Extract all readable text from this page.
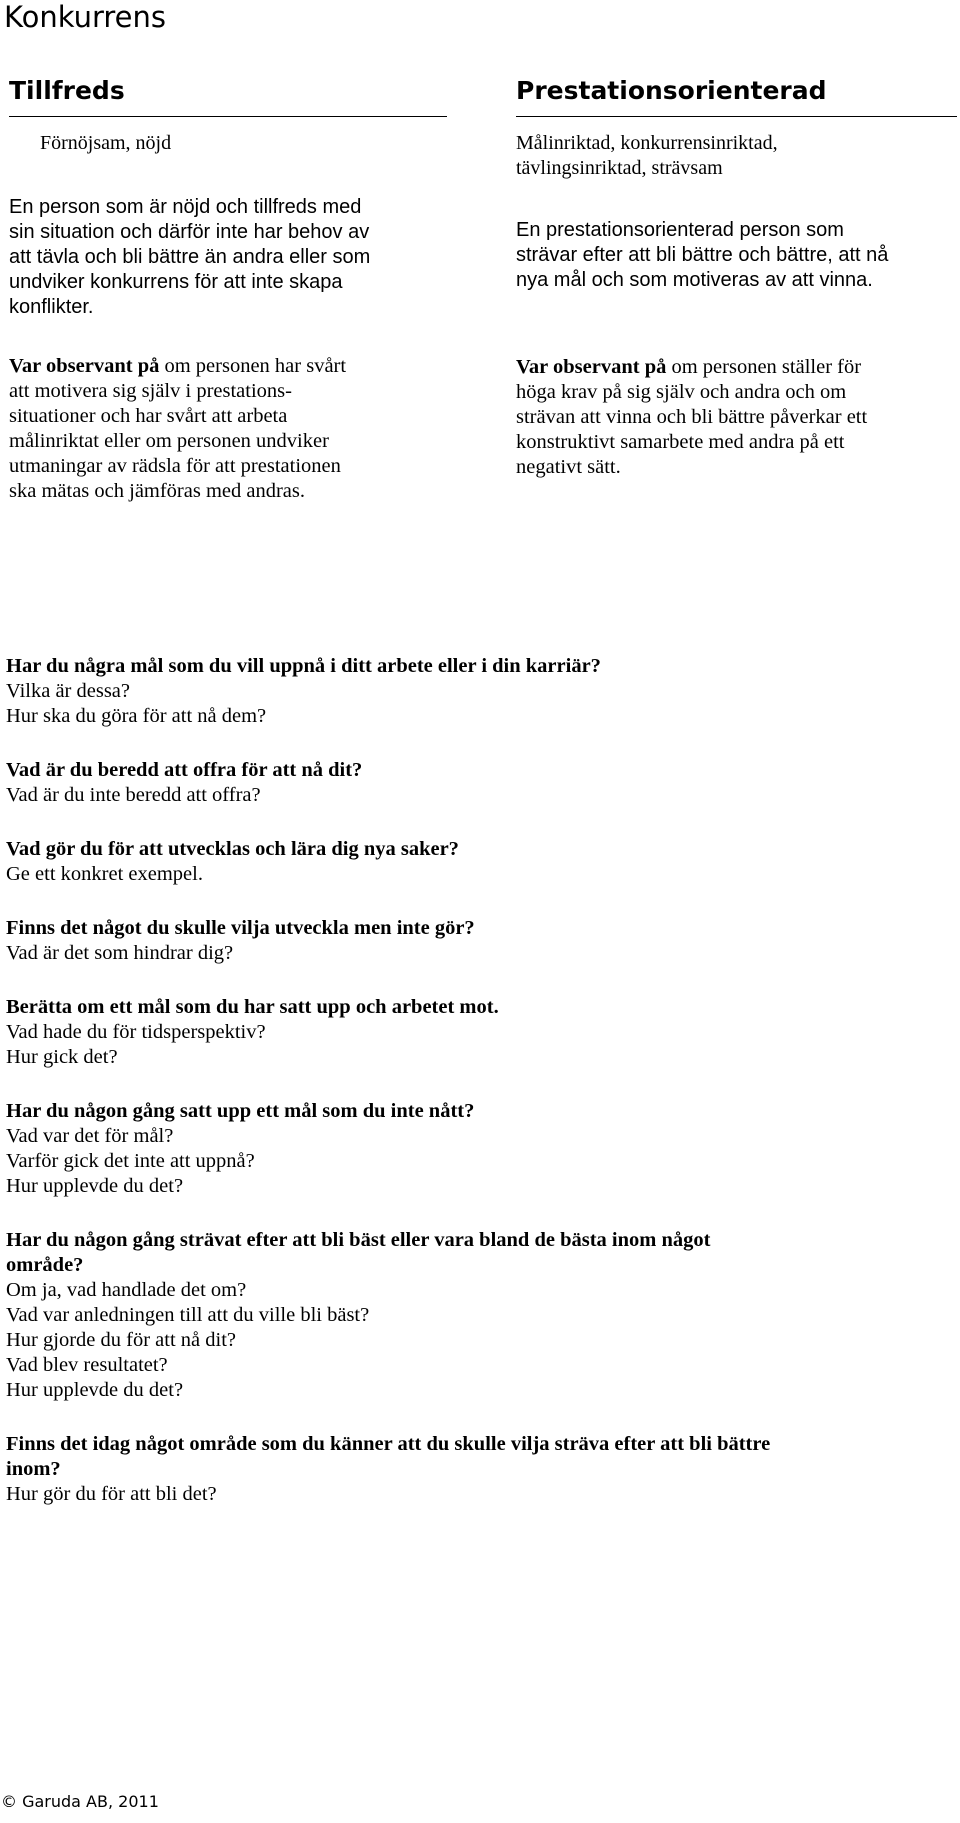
Konkurrens
Tillfreds

Förnöjsam, nöjd

En person som är nöjd och tillfreds med
sin situation och därför inte har behov av
att tävla och bli bättre än andra eller som
undviker konkurrens för att inte skapa
konflikter.
Var observant på om personen har svårt
att motivera sig själv i prestations-
situationer och har svårt att arbeta
målinriktat eller om personen undviker
utmaningar av rädsla för att prestationen
ska mätas och jämföras med andras.
Prestationsorienterad
Målinriktad, konkurrensinriktad,
tävlingsinriktad, strävsam
En prestationsorienterad person som
strävar efter att bli bättre och bättre, att nå
nya mål och som motiveras av att vinna.
Var observant på om personen ställer för
höga krav på sig själv och andra och om
strävan att vinna och bli bättre påverkar ett
konstruktivt samarbete med andra på ett
negativt sätt.
Har du några mål som du vill uppnå i ditt arbete eller i din karriär?
Vilka är dessa?
Hur ska du göra för att nå dem?
Vad är du beredd att offra för att nå dit?
Vad är du inte beredd att offra?
Vad gör du för att utvecklas och lära dig nya saker?
Ge ett konkret exempel.
Finns det något du skulle vilja utveckla men inte gör?
Vad är det som hindrar dig?
Berätta om ett mål som du har satt upp och arbetet mot.
Vad hade du för tidsperspektiv?
Hur gick det?
Har du någon gång satt upp ett mål som du inte nått?
Vad var det för mål?
Varför gick det inte att uppnå?
Hur upplevde du det?
Har du någon gång strävat efter att bli bäst eller vara bland de bästa inom något
område?
Om ja, vad handlade det om?
Vad var anledningen till att du ville bli bäst?
Hur gjorde du för att nå dit?
Vad blev resultatet?
Hur upplevde du det?
Finns det idag något område som du känner att du skulle vilja sträva efter att bli bättre
inom?
Hur gör du för att bli det?
© Garuda AB, 2011
